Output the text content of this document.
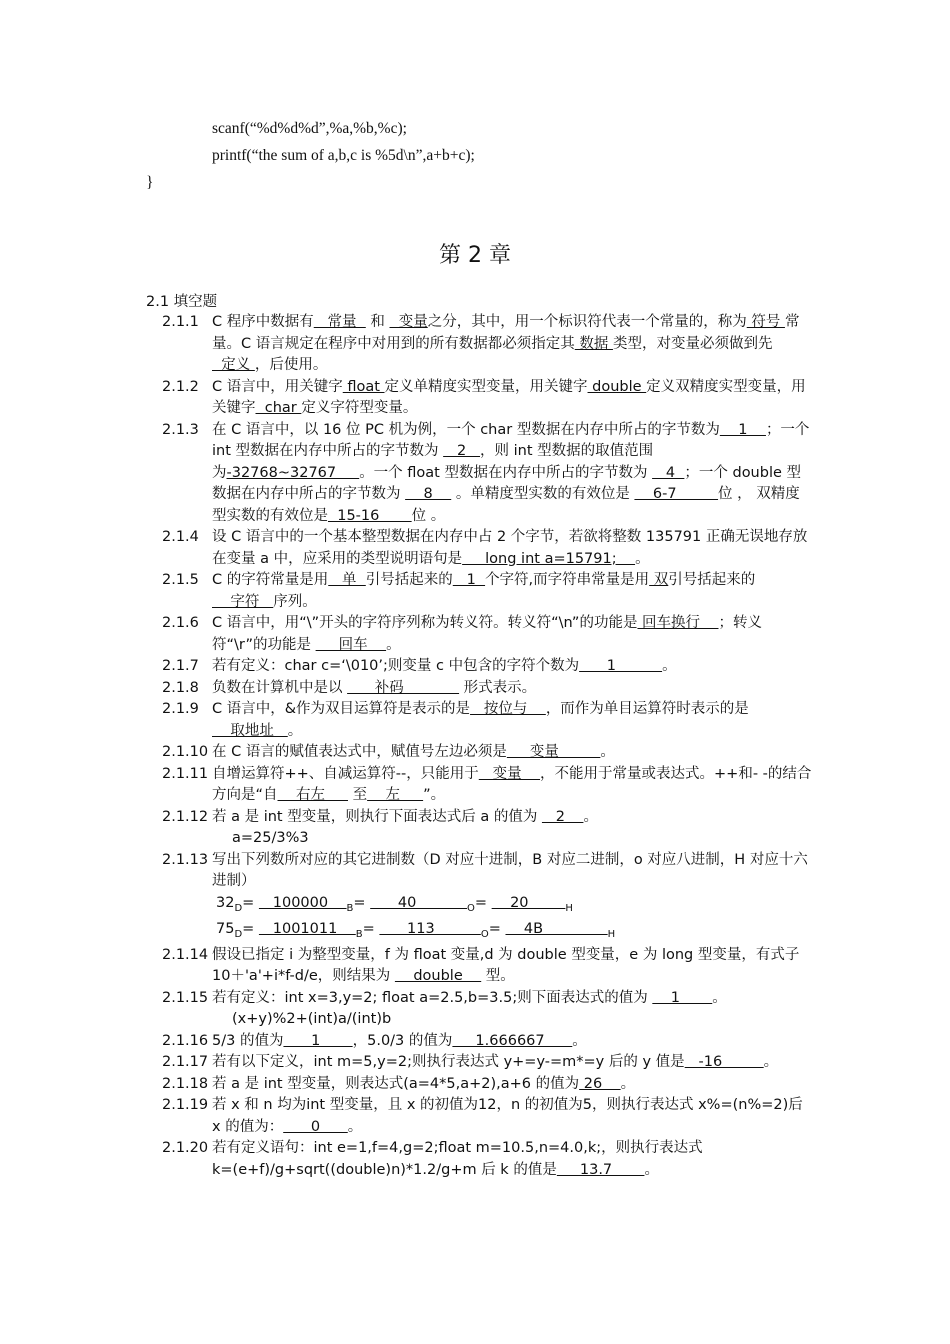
scanf(“%d%d%d”,%a,%b,%c);
printf(“the sum of a,b,c is %5d\n”,a+b+c);
}
第 2 章
2.1 填空题
2.1.1 C 程序中数据有   常量   和   变量之分，其中，用一个标识符代表一个常量的，称为 符号 常量。C 语言规定在程序中对用到的所有数据都必须指定其 数据 类型，对变量必须做到先  定义 ，后使用。
2.1.2 C 语言中，用关键字 float 定义单精度实型变量，用关键字 double 定义双精度实型变量，用关键字  char 定义字符型变量。
2.1.3 在 C 语言中，以 16 位 PC 机为例，一个 char 型数据在内存中所占的字节数为    1    ；一个 int 型数据在内存中所占的字节数为    2   ，则 int 型数据的取值范围为-32768~32767     。一个 float 型数据在内存中所占的字节数为    4  ；一个 double 型数据在内存中所占的字节数为     8     。单精度型实数的有效位是     6-7         位 ， 双精度型实数的有效位是  15-16       位 。
2.1.4 设 C 语言中的一个基本整型数据在内存中占 2 个字节，若欲将整数 135791 正确无误地存放在变量 a 中，应采用的类型说明语句是     long int a=15791;    。
2.1.5 C 的字符常量是用   单  引号括起来的   1  个字符,而字符串常量是用 双引号括起来的    字符   序列。
2.1.6 C 语言中，用“\”开头的字符序列称为转义符。转义符“\n”的功能是 回车换行    ；转义符“\r”的功能是      回车    。
2.1.7 若有定义：char c=‘\010’;则变量 c 中包含的字符个数为      1          。
2.1.8 负数在计算机中是以       补码             形式表示。
2.1.9 C 语言中，&作为双目运算符是表示的是   按位与    ，而作为单目运算符时表示的是     取地址   。
2.1.10 在 C 语言的赋值表达式中，赋值号左边必须是     变量         。
2.1.11 自增运算符++、自减运算符--，只能用于   变量    ，不能用于常量或表达式。++和- -的结合方向是“自    右左      至    左     ”。
2.1.12 若 a 是 int 型变量，则执行下面表达式后 a 的值为    2    。
a=25/3%3
2.1.13 写出下列数所对应的其它进制数（D 对应十进制，B 对应二进制，o 对应八进制，H 对应十六进制）
$32_D=$    100000    $_B$=       40           $_O$=     20        $_H$
$75_D=$    1001011    $_B$=       113          $_O$=     4B              $_H$
2.1.14 假设已指定 i 为整型变量，f 为 float 变量,d 为 double 型变量，e 为 long 型变量，有式子 10＋'a'+i*f-d/e，则结果为     double     型。
2.1.15 若有定义：int x=3,y=2; float a=2.5,b=3.5;则下面表达式的值为     1       。
(x+y)%2+(int)a/(int)b
2.1.16 5/3 的值为      1       ，5.0/3 的值为     1.666667      。
2.1.17 若有以下定义，int m=5,y=2;则执行表达式 y+=y-=m*=y 后的 y 值是   -16         。
2.1.18 若 a 是 int 型变量，则表达式(a=4*5,a+2),a+6 的值为 26    。
2.1.19 若 x 和 n 均为int 型变量，且 x 的初值为12，n 的初值为5，则执行表达式 x%=(n%=2)后 x 的值为：      0      。
2.1.20 若有定义语句：int e=1,f=4,g=2;float m=10.5,n=4.0,k;，则执行表达式
k=(e+f)/g+sqrt((double)n)*1.2/g+m 后 k 的值是     13.7       。
